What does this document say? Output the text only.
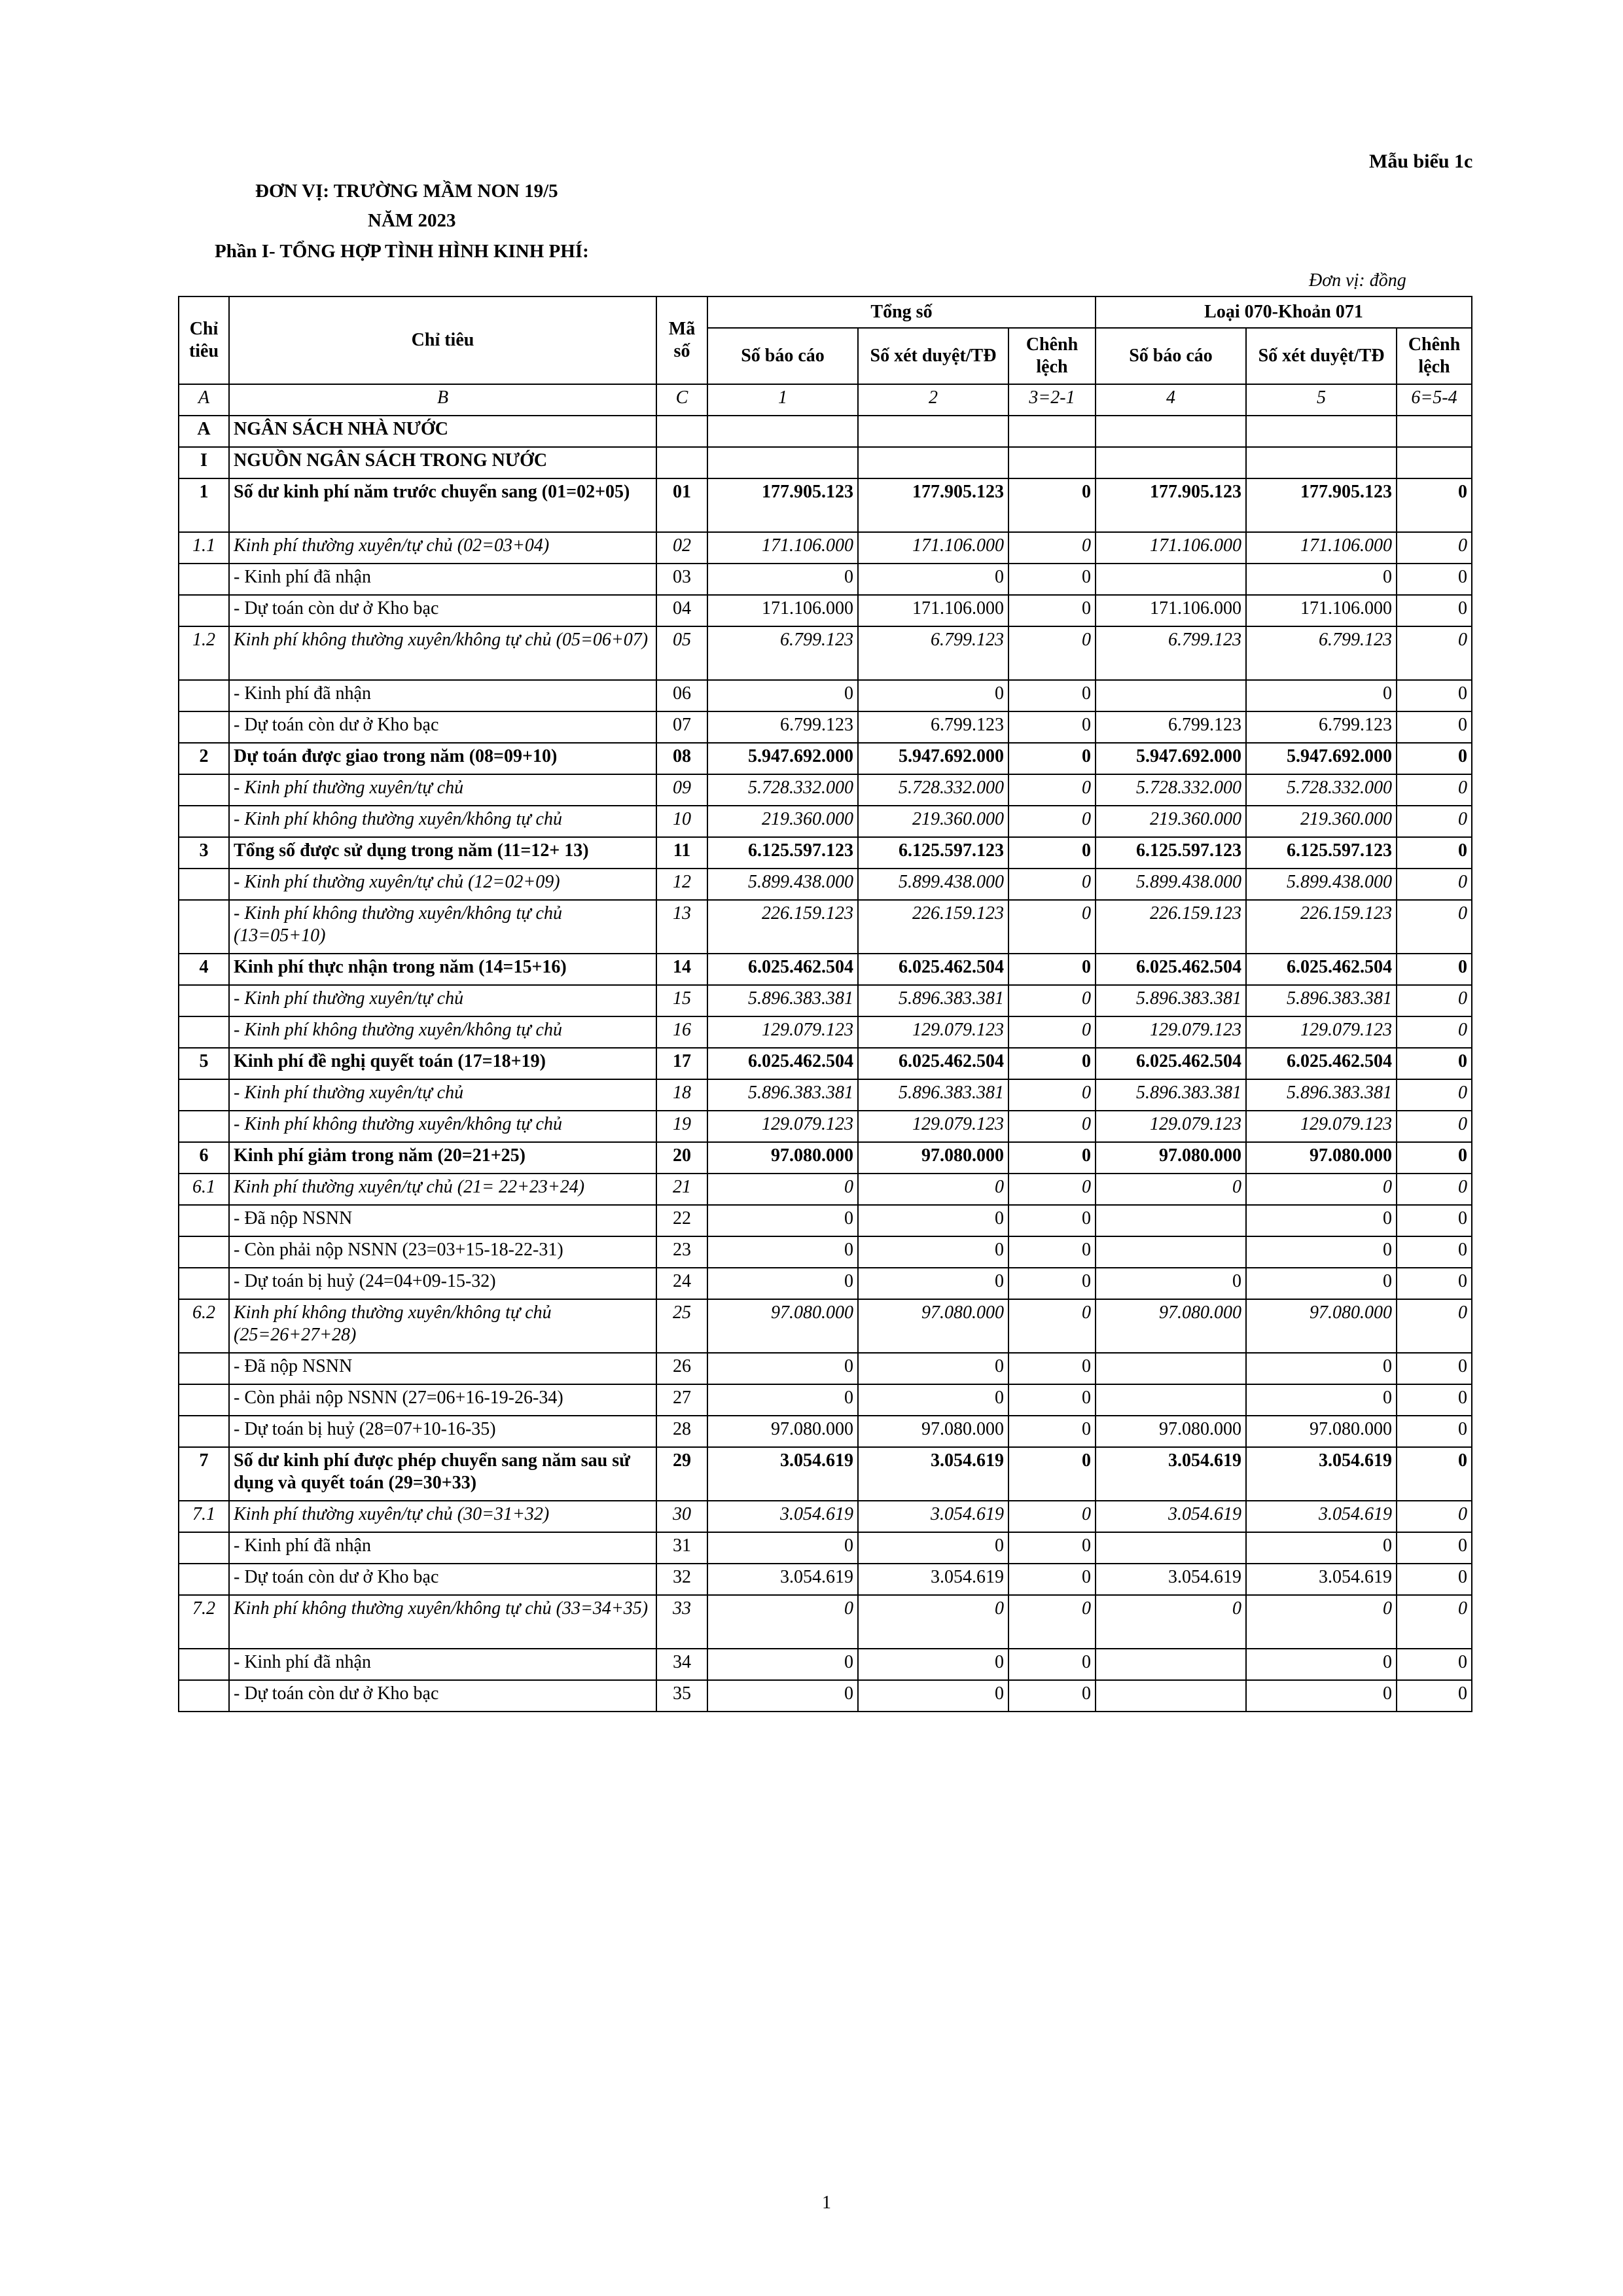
Mẫu biểu 1c
ĐƠN VỊ: TRƯỜNG MẦM NON 19/5
NĂM 2023
Phần I- TỔNG HỢP TÌNH HÌNH KINH PHÍ:
Đơn vị: đồng
Chỉ tiêu	Chỉ tiêu	Mã số	Tổng số			Loại 070-Khoản 071		
			Số báo cáo	Số xét duyệt/TĐ	Chênh lệch	Số báo cáo	Số xét duyệt/TĐ	Chênh lệch
A	B	C	1	2	3=2-1	4	5	6=5-4
A	NGÂN SÁCH NHÀ NƯỚC							
I	NGUỒN NGÂN SÁCH TRONG NƯỚC							
1	Số dư kinh phí năm trước chuyển sang (01=02+05)	01	177.905.123	177.905.123	0	177.905.123	177.905.123	0
1.1	Kinh phí thường xuyên/tự chủ (02=03+04)	02	171.106.000	171.106.000	0	171.106.000	171.106.000	0
	- Kinh phí đã nhận	03	0	0	0		0	0
	- Dự toán còn dư ở Kho bạc	04	171.106.000	171.106.000	0	171.106.000	171.106.000	0
1.2	Kinh phí không thường xuyên/không tự chủ (05=06+07)	05	6.799.123	6.799.123	0	6.799.123	6.799.123	0
	- Kinh phí đã nhận	06	0	0	0		0	0
	- Dự toán còn dư ở Kho bạc	07	6.799.123	6.799.123	0	6.799.123	6.799.123	0
2	Dự toán được giao trong năm (08=09+10)	08	5.947.692.000	5.947.692.000	0	5.947.692.000	5.947.692.000	0
	- Kinh phí thường xuyên/tự chủ	09	5.728.332.000	5.728.332.000	0	5.728.332.000	5.728.332.000	0
	- Kinh phí không thường xuyên/không tự chủ	10	219.360.000	219.360.000	0	219.360.000	219.360.000	0
3	Tổng số được sử dụng trong năm (11=12+ 13)	11	6.125.597.123	6.125.597.123	0	6.125.597.123	6.125.597.123	0
	- Kinh phí thường xuyên/tự chủ (12=02+09)	12	5.899.438.000	5.899.438.000	0	5.899.438.000	5.899.438.000	0
	- Kinh phí không thường xuyên/không tự chủ (13=05+10)	13	226.159.123	226.159.123	0	226.159.123	226.159.123	0
4	Kinh phí thực nhận trong năm (14=15+16)	14	6.025.462.504	6.025.462.504	0	6.025.462.504	6.025.462.504	0
	- Kinh phí thường xuyên/tự chủ	15	5.896.383.381	5.896.383.381	0	5.896.383.381	5.896.383.381	0
	- Kinh phí không thường xuyên/không tự chủ	16	129.079.123	129.079.123	0	129.079.123	129.079.123	0
5	Kinh phí đề nghị quyết toán (17=18+19)	17	6.025.462.504	6.025.462.504	0	6.025.462.504	6.025.462.504	0
	- Kinh phí thường xuyên/tự chủ	18	5.896.383.381	5.896.383.381	0	5.896.383.381	5.896.383.381	0
	- Kinh phí không thường xuyên/không tự chủ	19	129.079.123	129.079.123	0	129.079.123	129.079.123	0
6	Kinh phí giảm trong năm (20=21+25)	20	97.080.000	97.080.000	0	97.080.000	97.080.000	0
6.1	Kinh phí thường xuyên/tự chủ (21= 22+23+24)	21	0	0	0	0	0	0
	- Đã nộp NSNN	22	0	0	0		0	0
	- Còn phải nộp NSNN (23=03+15-18-22-31)	23	0	0	0		0	0
	- Dự toán bị huỷ (24=04+09-15-32)	24	0	0	0	0	0	0
6.2	Kinh phí không thường xuyên/không tự chủ (25=26+27+28)	25	97.080.000	97.080.000	0	97.080.000	97.080.000	0
	- Đã nộp NSNN	26	0	0	0		0	0
	- Còn phải nộp NSNN (27=06+16-19-26-34)	27	0	0	0		0	0
	- Dự toán bị huỷ (28=07+10-16-35)	28	97.080.000	97.080.000	0	97.080.000	97.080.000	0
7	Số dư kinh phí được phép chuyển sang năm sau sử dụng và quyết toán (29=30+33)	29	3.054.619	3.054.619	0	3.054.619	3.054.619	0
7.1	Kinh phí thường xuyên/tự chủ (30=31+32)	30	3.054.619	3.054.619	0	3.054.619	3.054.619	0
	- Kinh phí đã nhận	31	0	0	0		0	0
	- Dự toán còn dư ở Kho bạc	32	3.054.619	3.054.619	0	3.054.619	3.054.619	0
7.2	Kinh phí không thường xuyên/không tự chủ (33=34+35)	33	0	0	0	0	0	0
	- Kinh phí đã nhận	34	0	0	0		0	0
	- Dự toán còn dư ở Kho bạc	35	0	0	0		0	0
1
